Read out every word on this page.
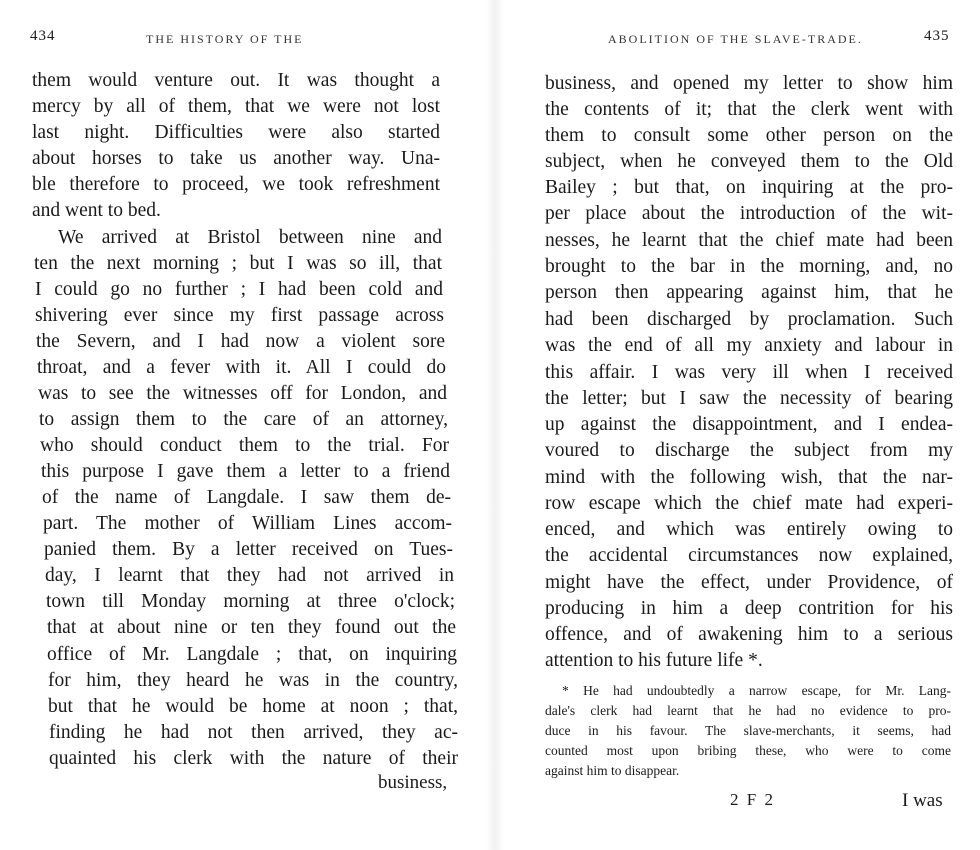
434	THE HISTORY OF THE
them would venture out. It was thought a
mercy by all of them, that we were not lost
last night. Difficulties were also started
about horses to take us another way. Una-
ble therefore to proceed, we took refreshment
and went to bed.
We arrived at Bristol between nine and
ten the next morning ; but I was so ill, that
I could go no further ; I had been cold and
shivering ever since my first passage across
the Severn, and I had now a violent sore
throat, and a fever with it. All I could do
was to see the witnesses off for London, and
to assign them to the care of an attorney,
who should conduct them to the trial. For
this purpose I gave them a letter to a friend
of the name of Langdale. I saw them de-
part. The mother of William Lines accom-
panied them. By a letter received on Tues-
day, I learnt that they had not arrived in
town till Monday morning at three o'clock;
that at about nine or ten they found out the
office of Mr. Langdale ; that, on inquiring
for him, they heard he was in the country,
but that he would be home at noon ; that,
finding he had not then arrived, they ac-
quainted his clerk with the nature of their
business,
ABOLITION OF THE SLAVE-TRADE.	435
business, and opened my letter to show him
the contents of it; that the clerk went with
them to consult some other person on the
subject, when he conveyed them to the Old
Bailey ; but that, on inquiring at the pro-
per place about the introduction of the wit-
nesses, he learnt that the chief mate had been
brought to the bar in the morning, and, no
person then appearing against him, that he
had been discharged by proclamation. Such
was the end of all my anxiety and labour in
this affair. I was very ill when I received
the letter; but I saw the necessity of bearing
up against the disappointment, and I endea-
voured to discharge the subject from my
mind with the following wish, that the nar-
row escape which the chief mate had experi-
enced, and which was entirely owing to
the accidental circumstances now explained,
might have the effect, under Providence, of
producing in him a deep contrition for his
offence, and of awakening him to a serious
attention to his future life *.
* He had undoubtedly a narrow escape, for Mr. Lang-
dale's clerk had learnt that he had no evidence to pro-
duce in his favour. The slave-merchants, it seems, had
counted most upon bribing these, who were to come
against him to disappear.
2 F 2	I was
